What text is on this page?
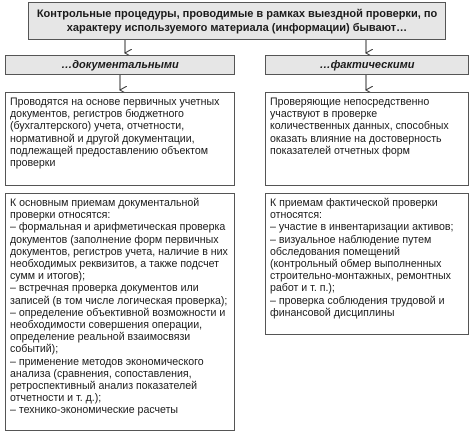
Контрольные процедуры, проводимые в рамках выездной проверки, по
характеру используемого материала (информации) бывают…
…документальными	…фактическими
Проводятся на основе первичных учетных
документов, регистров бюджетного
(бухгалтерского) учета, отчетности,
нормативной и другой документации,
подлежащей предоставлению объектом
проверки
Проверяющие непосредственно
участвуют в проверке
количественных данных, способных
оказать влияние на достоверность
показателей отчетных форм
К основным приемам документальной
проверки относятся:
– формальная и арифметическая проверка
документов (заполнение форм первичных
документов, регистров учета, наличие в них
необходимых реквизитов, а также подсчет
сумм и итогов);
– встречная проверка документов или
записей (в том числе логическая проверка);
– определение объективной возможности и
необходимости совершения операции,
определение реальной взаимосвязи
событий);
– применение методов экономического
анализа (сравнения, сопоставления,
ретроспективный анализ показателей
отчетности и т. д.);
– технико-экономические расчеты
К приемам фактической проверки
относятся:
– участие в инвентаризации активов;
– визуальное наблюдение путем
обследования помещений
(контрольный обмер выполненных
строительно-монтажных, ремонтных
работ и т. п.);
– проверка соблюдения трудовой и
финансовой дисциплины
